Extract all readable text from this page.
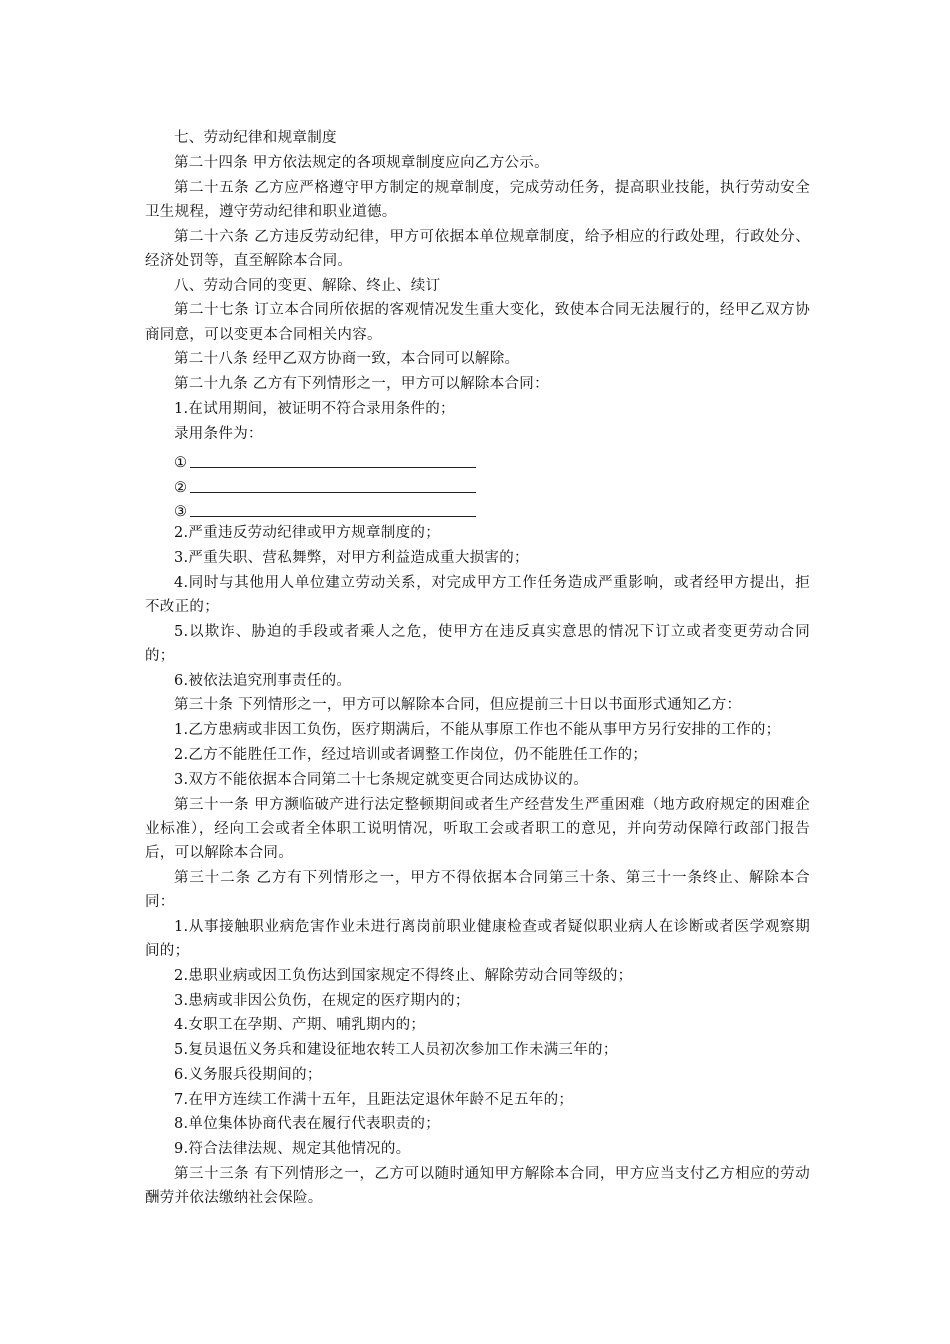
七、劳动纪律和规章制度

第二十四条 甲方依法规定的各项规章制度应向乙方公示。

第二十五条 乙方应严格遵守甲方制定的规章制度，完成劳动任务，提高职业技能，执行劳动安全卫生规程，遵守劳动纪律和职业道德。

第二十六条 乙方违反劳动纪律，甲方可依据本单位规章制度，给予相应的行政处理，行政处分、经济处罚等，直至解除本合同。

八、劳动合同的变更、解除、终止、续订

第二十七条 订立本合同所依据的客观情况发生重大变化，致使本合同无法履行的，经甲乙双方协商同意，可以变更本合同相关内容。

第二十八条 经甲乙双方协商一致，本合同可以解除。

第二十九条 乙方有下列情形之一，甲方可以解除本合同：

1.在试用期间，被证明不符合录用条件的；

录用条件为：

①
②
③

2.严重违反劳动纪律或甲方规章制度的；

3.严重失职、营私舞弊，对甲方利益造成重大损害的；

4.同时与其他用人单位建立劳动关系，对完成甲方工作任务造成严重影响，或者经甲方提出，拒不改正的；

5.以欺诈、胁迫的手段或者乘人之危，使甲方在违反真实意思的情况下订立或者变更劳动合同的；

6.被依法追究刑事责任的。

第三十条 下列情形之一，甲方可以解除本合同，但应提前三十日以书面形式通知乙方：

1.乙方患病或非因工负伤，医疗期满后，不能从事原工作也不能从事甲方另行安排的工作的；

2.乙方不能胜任工作，经过培训或者调整工作岗位，仍不能胜任工作的；

3.双方不能依据本合同第二十七条规定就变更合同达成协议的。

第三十一条 甲方濒临破产进行法定整顿期间或者生产经营发生严重困难（地方政府规定的困难企业标准），经向工会或者全体职工说明情况，听取工会或者职工的意见，并向劳动保障行政部门报告后，可以解除本合同。

第三十二条 乙方有下列情形之一，甲方不得依据本合同第三十条、第三十一条终止、解除本合同：

1.从事接触职业病危害作业未进行离岗前职业健康检查或者疑似职业病人在诊断或者医学观察期间的；

2.患职业病或因工负伤达到国家规定不得终止、解除劳动合同等级的；

3.患病或非因公负伤，在规定的医疗期内的；

4.女职工在孕期、产期、哺乳期内的；

5.复员退伍义务兵和建设征地农转工人员初次参加工作未满三年的；

6.义务服兵役期间的；

7.在甲方连续工作满十五年，且距法定退休年龄不足五年的；

8.单位集体协商代表在履行代表职责的；

9.符合法律法规、规定其他情况的。

第三十三条 有下列情形之一，乙方可以随时通知甲方解除本合同，甲方应当支付乙方相应的劳动酬劳并依法缴纳社会保险。
